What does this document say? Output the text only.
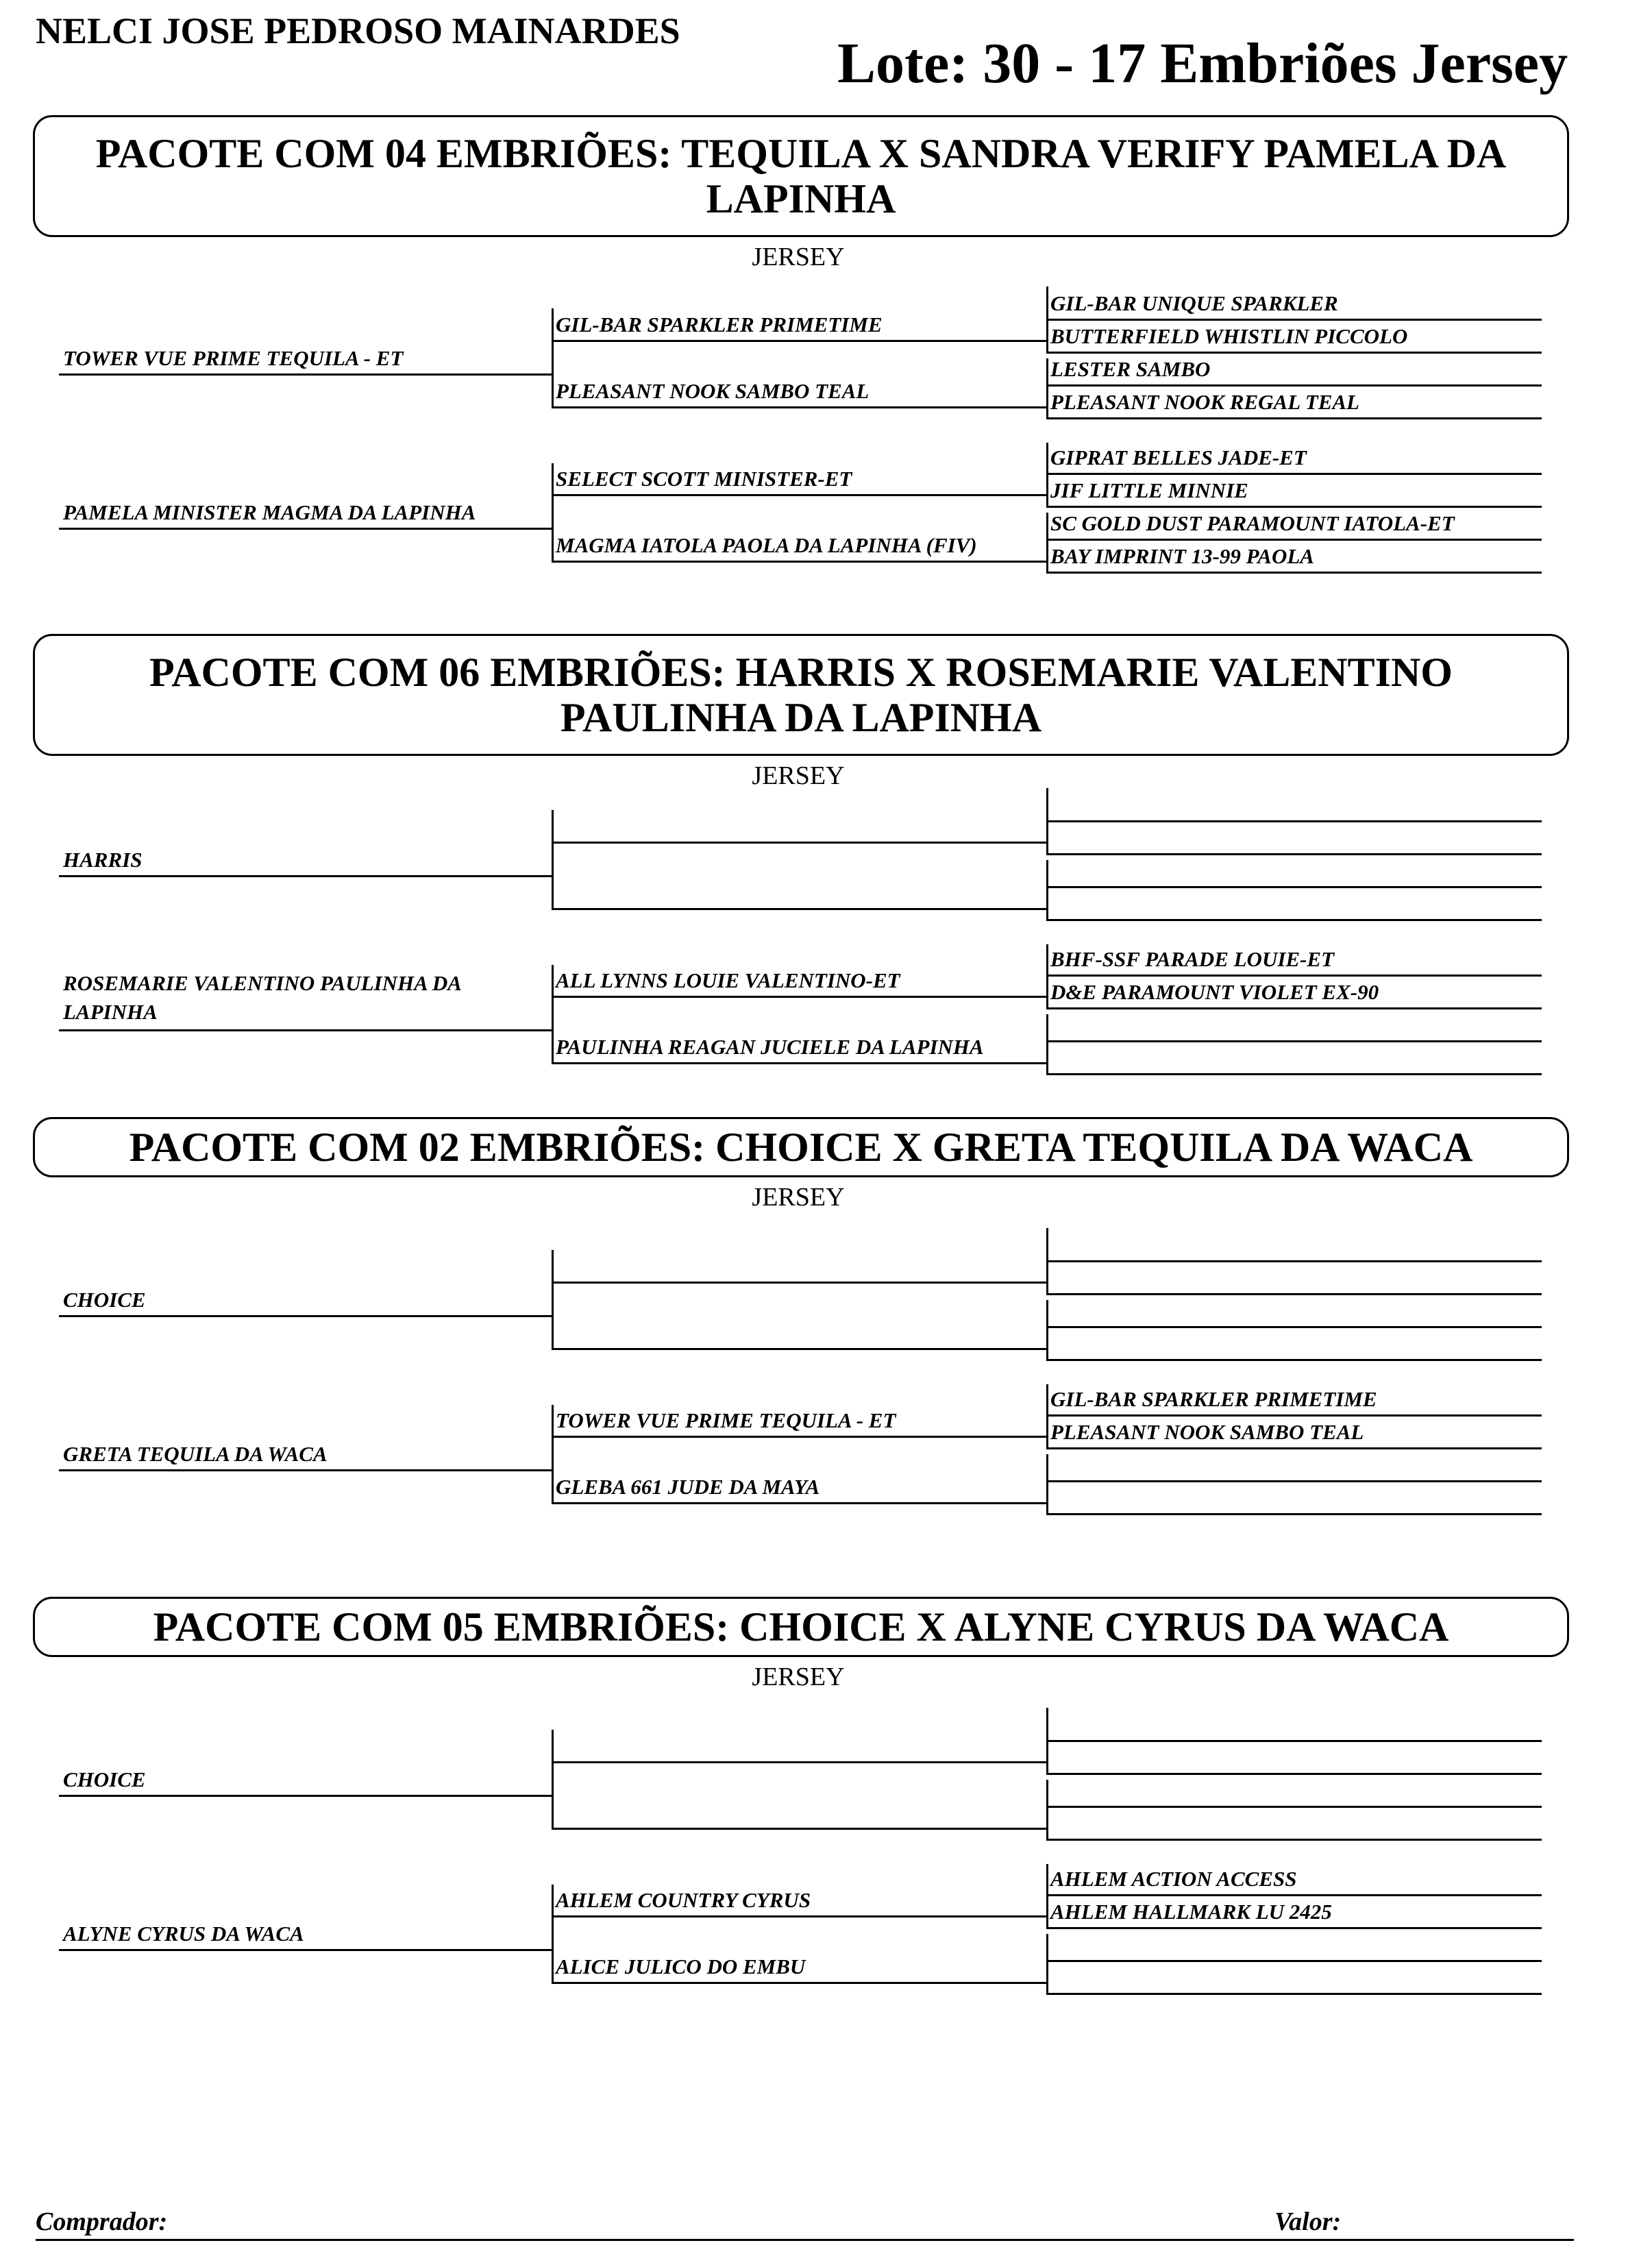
NELCI JOSE PEDROSO MAINARDES
Lote: 30 - 17 Embriões Jersey
PACOTE COM 04 EMBRIÕES: TEQUILA X SANDRA VERIFY PAMELA DA LAPINHA
JERSEY
TOWER VUE PRIME TEQUILA - ET
GIL-BAR SPARKLER PRIMETIME
PLEASANT NOOK SAMBO TEAL
GIL-BAR UNIQUE SPARKLER
BUTTERFIELD WHISTLIN PICCOLO
LESTER SAMBO
PLEASANT NOOK REGAL TEAL
PAMELA MINISTER MAGMA DA LAPINHA
SELECT SCOTT MINISTER-ET
MAGMA IATOLA PAOLA DA LAPINHA (FIV)
GIPRAT BELLES JADE-ET
JIF LITTLE MINNIE
SC GOLD DUST PARAMOUNT IATOLA-ET
BAY IMPRINT 13-99 PAOLA
PACOTE COM 06 EMBRIÕES: HARRIS X ROSEMARIE VALENTINO PAULINHA DA LAPINHA
JERSEY
HARRIS
ROSEMARIE VALENTINO PAULINHA DA LAPINHA
ALL LYNNS LOUIE VALENTINO-ET
PAULINHA REAGAN JUCIELE DA LAPINHA
BHF-SSF PARADE LOUIE-ET
D&E PARAMOUNT VIOLET EX-90
PACOTE COM 02 EMBRIÕES: CHOICE X GRETA TEQUILA DA WACA
JERSEY
CHOICE
GRETA TEQUILA DA WACA
TOWER VUE PRIME TEQUILA - ET
GLEBA 661 JUDE DA MAYA
GIL-BAR SPARKLER PRIMETIME
PLEASANT NOOK SAMBO TEAL
PACOTE COM 05 EMBRIÕES: CHOICE X ALYNE CYRUS DA WACA
JERSEY
CHOICE
ALYNE CYRUS DA WACA
AHLEM COUNTRY CYRUS
ALICE JULICO DO EMBU
AHLEM ACTION ACCESS
AHLEM HALLMARK LU 2425
Comprador:	Valor:
